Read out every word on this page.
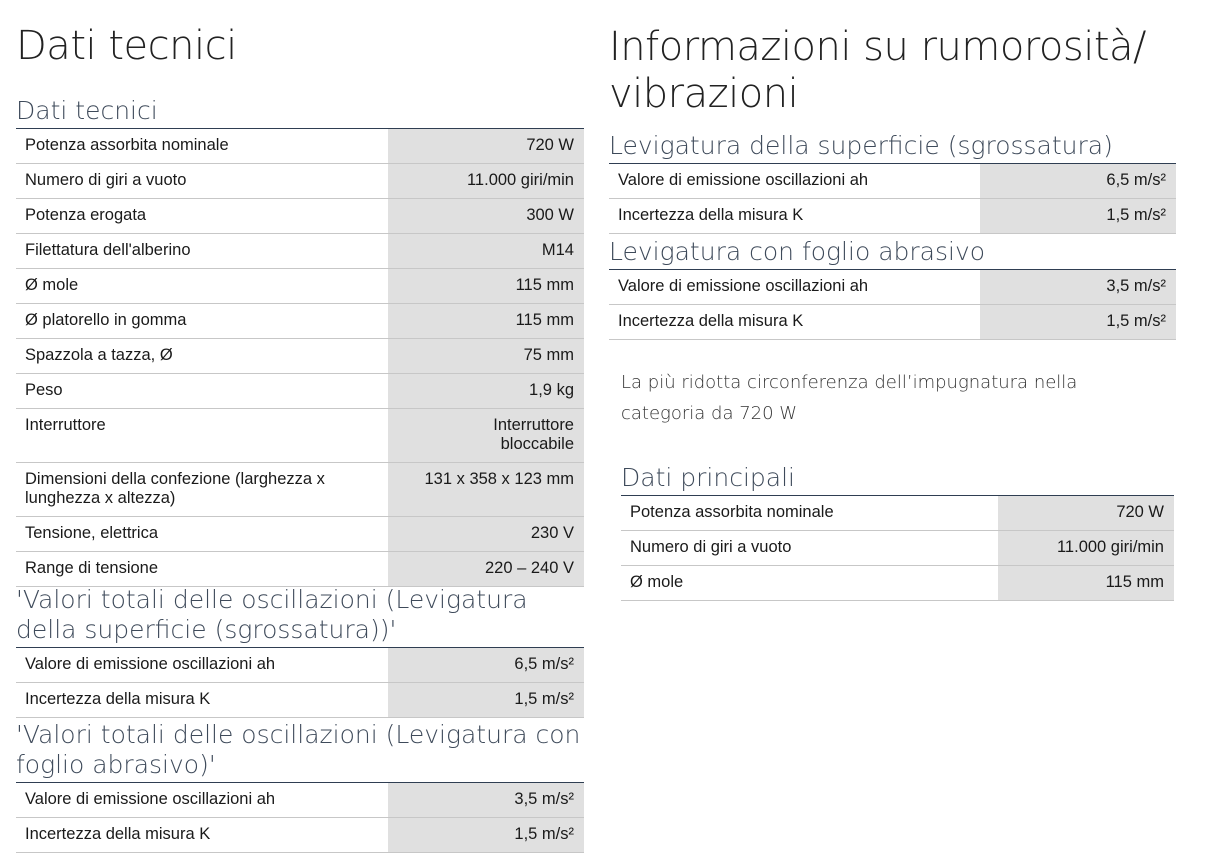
Dati tecnici
Dati tecnici
Potenza assorbita nominale	720 W
Numero di giri a vuoto	11.000 giri/min
Potenza erogata	300 W
Filettatura dell'alberino	M14
Ø mole	115 mm
Ø platorello in gomma	115 mm
Spazzola a tazza, Ø	75 mm
Peso	1,9 kg
Interruttore	Interruttore bloccabile
Dimensioni della confezione (larghezza x lunghezza x altezza)	131 x 358 x 123 mm
Tensione, elettrica	230 V
Range di tensione	220 – 240 V
'Valori totali delle oscillazioni (Levigatura della superficie (sgrossatura))'
Valore di emissione oscillazioni ah	6,5 m/s²
Incertezza della misura K	1,5 m/s²
'Valori totali delle oscillazioni (Levigatura con foglio abrasivo)'
Valore di emissione oscillazioni ah	3,5 m/s²
Incertezza della misura K	1,5 m/s²
Informazioni su rumorosità/ vibrazioni
Levigatura della superficie (sgrossatura)
Valore di emissione oscillazioni ah	6,5 m/s²
Incertezza della misura K	1,5 m/s²
Levigatura con foglio abrasivo
Valore di emissione oscillazioni ah	3,5 m/s²
Incertezza della misura K	1,5 m/s²
La più ridotta circonferenza dell’impugnatura nella categoria da 720 W
Dati principali
Potenza assorbita nominale	720 W
Numero di giri a vuoto	11.000 giri/min
Ø mole	115 mm
